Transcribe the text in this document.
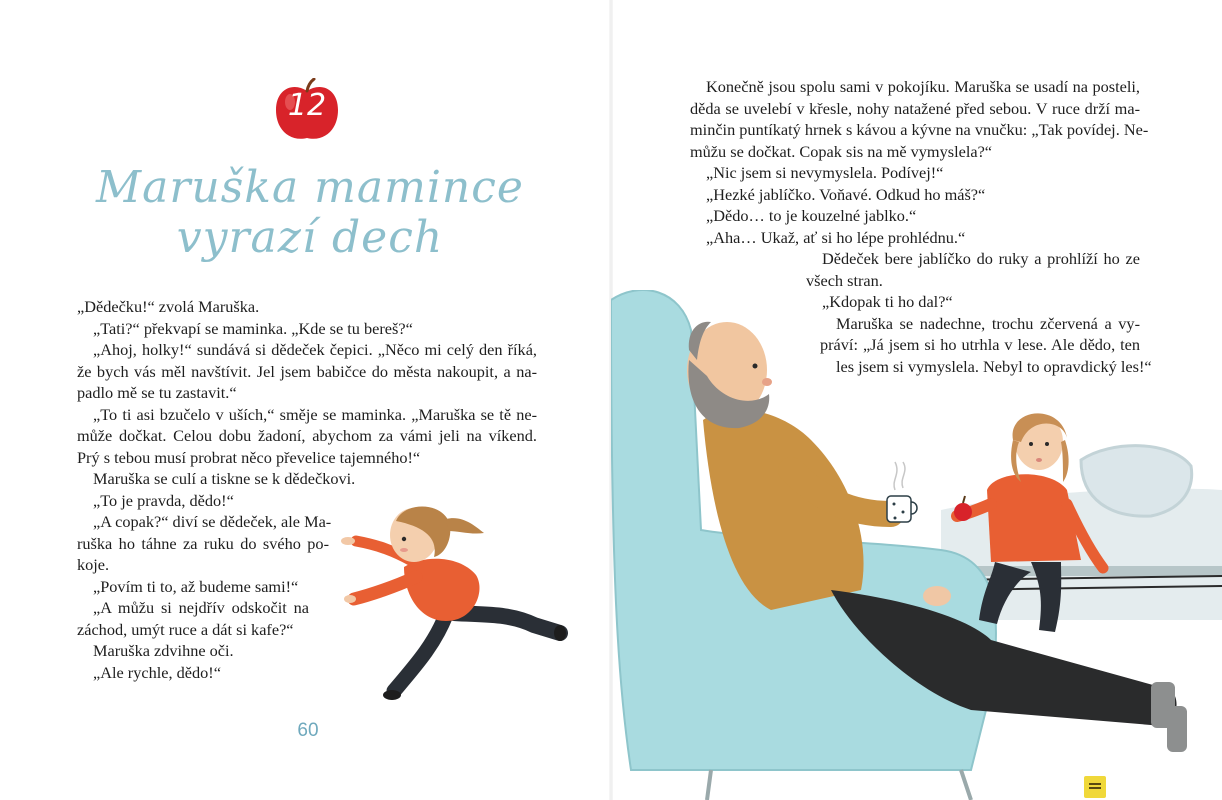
12
Maruška mamince
vyrazí dech
„Dědečku!“ zvolá Maruška.
„Tati?“ překvapí se maminka. „Kde se tu bereš?“
„Ahoj, holky!“ sundává si dědeček čepici. „Něco mi celý den říká,
že bych vás měl navštívit. Jel jsem babičce do města nakoupit, a na-
padlo mě se tu zastavit.“
„To ti asi bzučelo v uších,“ směje se maminka. „Maruška se tě ne-
může dočkat. Celou dobu žadoní, abychom za vámi jeli na víkend.
Prý s tebou musí probrat něco převelice tajemného!“
Maruška se culí a tiskne se k dědečkovi.
„To je pravda, dědo!“
„A copak?“ diví se dědeček, ale Ma-
ruška ho táhne za ruku do svého po-
koje.
„Povím ti to, až budeme sami!“
„A můžu si nejdřív odskočit na
záchod, umýt ruce a dát si kafe?“
Maruška zdvihne oči.
„Ale rychle, dědo!“
60
Konečně jsou spolu sami v pokojíku. Maruška se usadí na posteli,
děda se uvelebí v křesle, nohy natažené před sebou. V ruce drží ma-
minčin puntíkatý hrnek s kávou a kývne na vnučku: „Tak povídej. Ne-
můžu se dočkat. Copak sis na mě vymyslela?“
„Nic jsem si nevymyslela. Podívej!“
„Hezké jablíčko. Voňavé. Odkud ho máš?“
„Dědo… to je kouzelné jablko.“
„Aha… Ukaž, ať si ho lépe prohlédnu.“
Dědeček bere jablíčko do ruky a prohlíží ho ze
všech stran.
„Kdopak ti ho dal?“
Maruška se nadechne, trochu zčervená a vy-
práví: „Já jsem si ho utrhla v lese. Ale dědo, ten
les jsem si vymyslela. Nebyl to opravdický les!“
